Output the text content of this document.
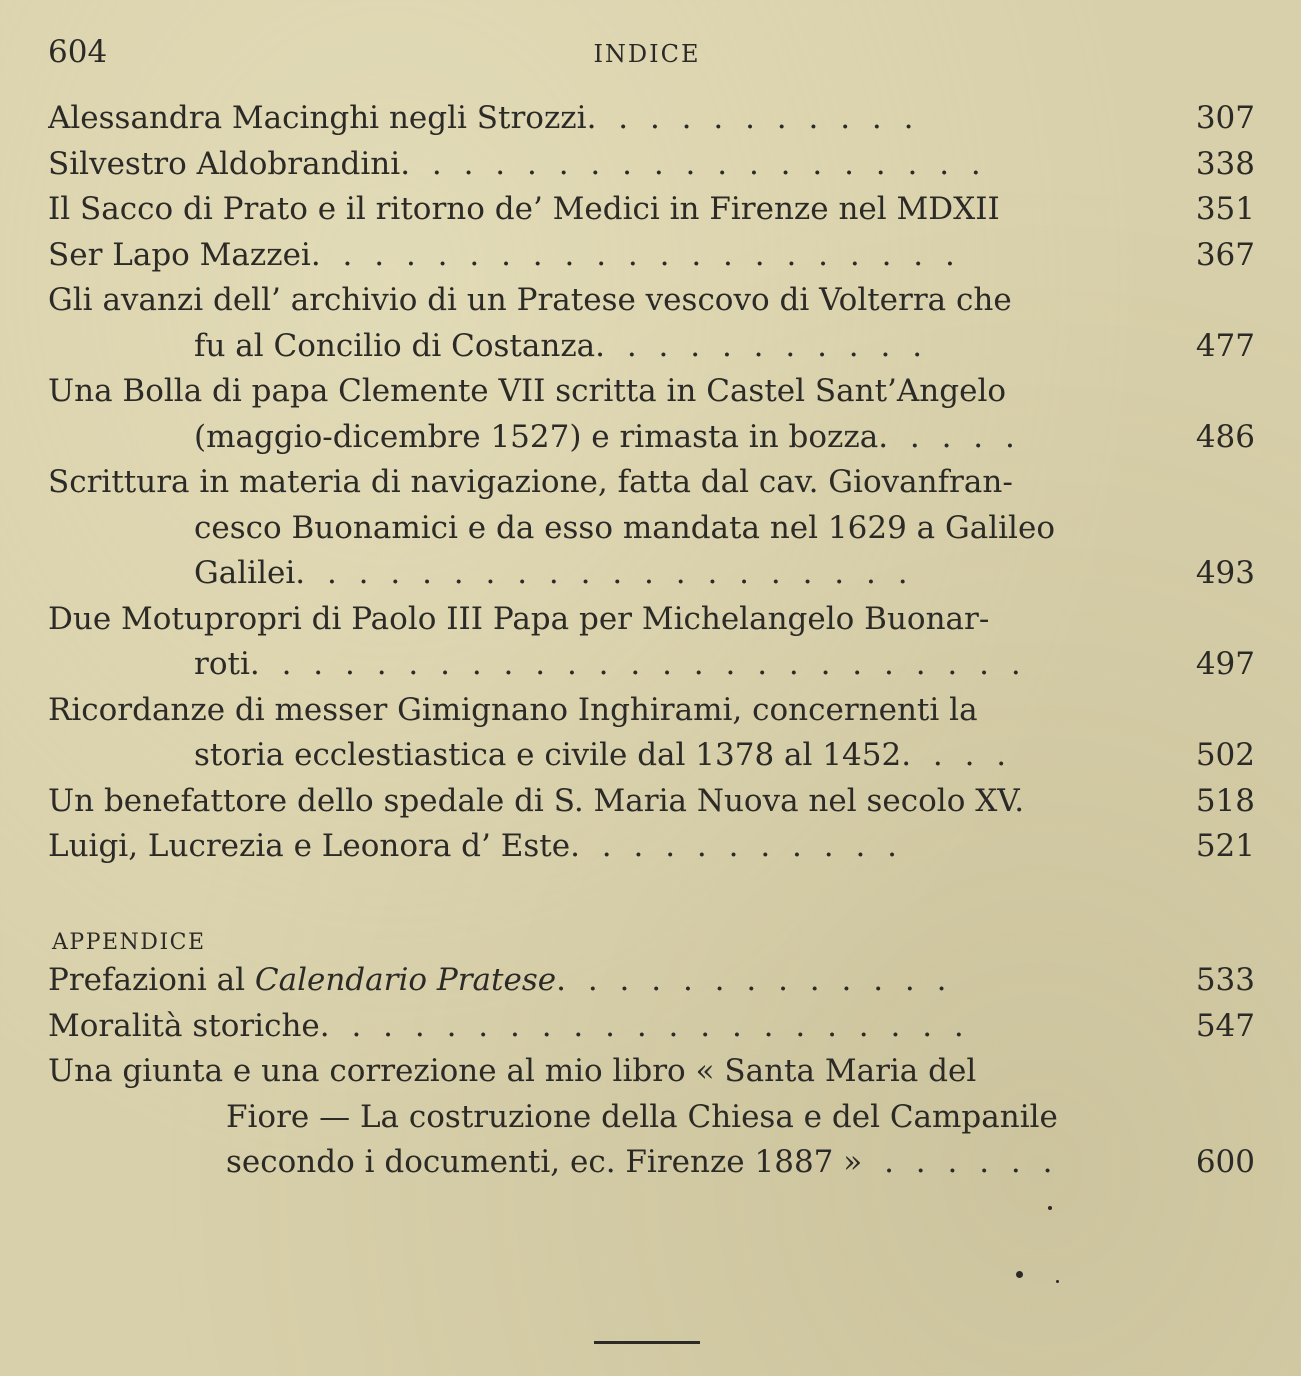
604	INDICE
Alessandra Macinghi negli Strozzi. . . . . . . . . . .	307
Silvestro Aldobrandini. . . . . . . . . . . . . . . . . . .	338
Il Sacco di Prato e il ritorno de’ Medici in Firenze nel MDXII	351
Ser Lapo Mazzei. . . . . . . . . . . . . . . . . . . . .	367
Gli avanzi dell’ archivio di un Pratese vescovo di Volterra che
fu al Concilio di Costanza. . . . . . . . . . .	477
Una Bolla di papa Clemente VII scritta in Castel Sant’Angelo
(maggio-dicembre 1527) e rimasta in bozza. . . . .	486
Scrittura in materia di navigazione, fatta dal cav. Giovanfran-
cesco Buonamici e da esso mandata nel 1629 a Galileo
Galilei. . . . . . . . . . . . . . . . . . . .	493
Due Motupropri di Paolo III Papa per Michelangelo Buonar-
roti. . . . . . . . . . . . . . . . . . . . . . . . .	497
Ricordanze di messer Gimignano Inghirami, concernenti la
storia ecclestiastica e civile dal 1378 al 1452. . . .	502
Un benefattore dello spedale di S. Maria Nuova nel secolo XV.	518
Luigi, Lucrezia e Leonora d’ Este. . . . . . . . . . .	521
APPENDICE
Prefazioni al Calendario Pratese. . . . . . . . . . . . .	533
Moralità storiche. . . . . . . . . . . . . . . . . . . . .	547
Una giunta e una correzione al mio libro « Santa Maria del
Fiore — La costruzione della Chiesa e del Campanile
secondo i documenti, ec. Firenze 1887 » . . . . . .	600
